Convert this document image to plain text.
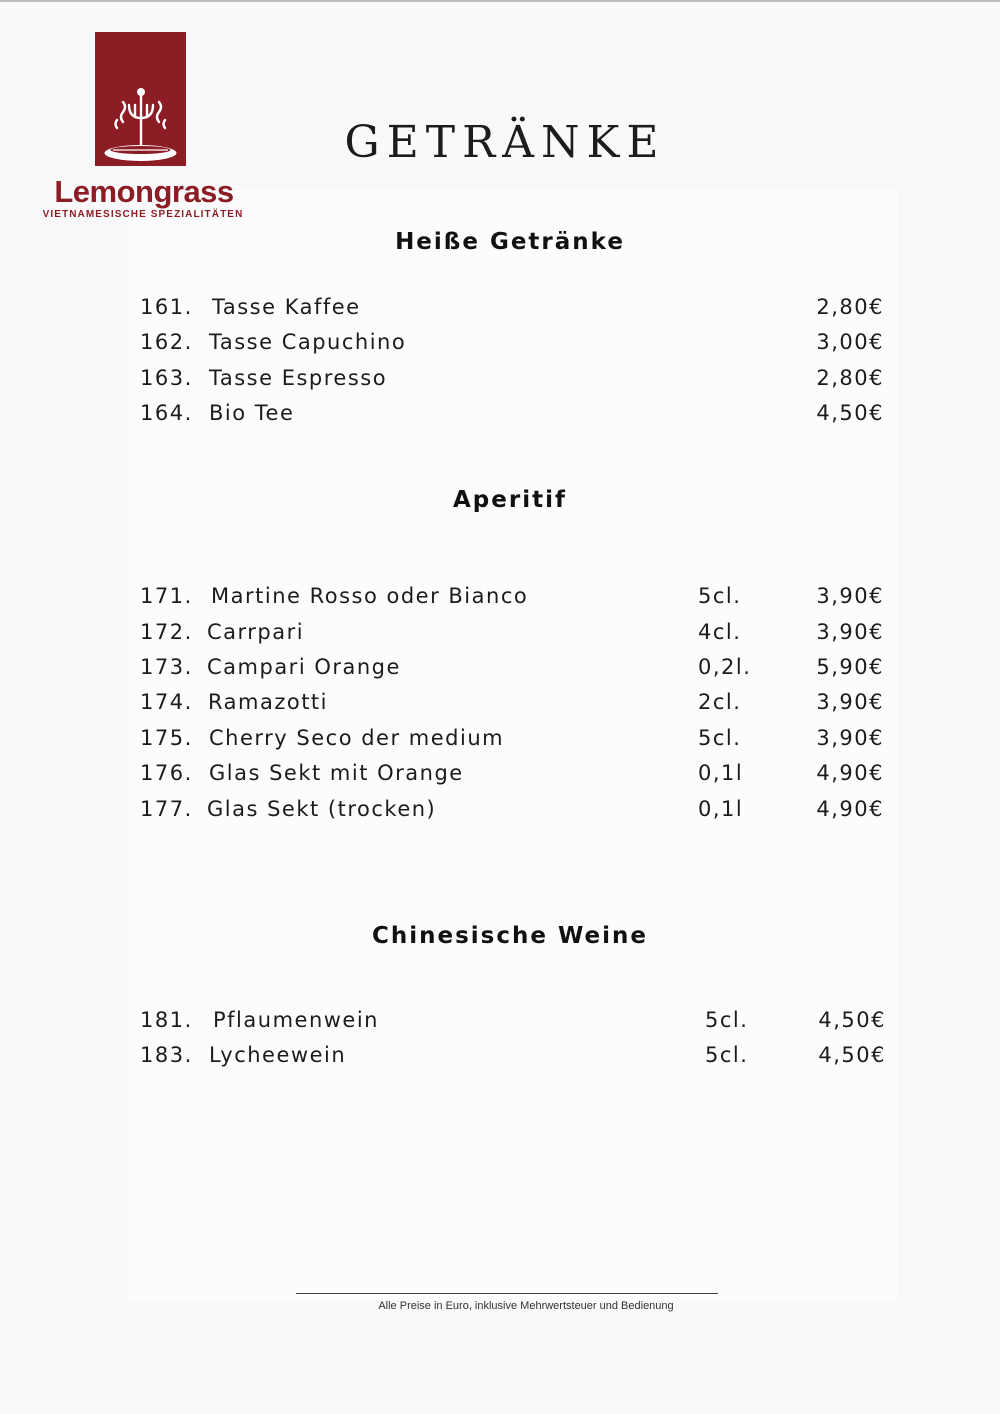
Lemongrass
VIETNAMESISCHE SPEZIALITÄTEN
GETRÄNKE
Heiße Getränke
161. Tasse Kaffee	2,80€
162. Tasse Capuchino	3,00€
163. Tasse Espresso	2,80€
164. Bio Tee	4,50€
Aperitif
171. Martine Rosso oder Bianco	5cl.	3,90€
172. Carrpari	4cl.	3,90€
173. Campari Orange	0,2l.	5,90€
174. Ramazotti	2cl.	3,90€
175. Cherry Seco der medium	5cl.	3,90€
176. Glas Sekt mit Orange	0,1l	4,90€
177. Glas Sekt (trocken)	0,1l	4,90€
Chinesische Weine
181. Pflaumenwein	5cl.	4,50€
183. Lycheewein	5cl.	4,50€
Alle Preise in Euro, inklusive Mehrwertsteuer und Bedienung
